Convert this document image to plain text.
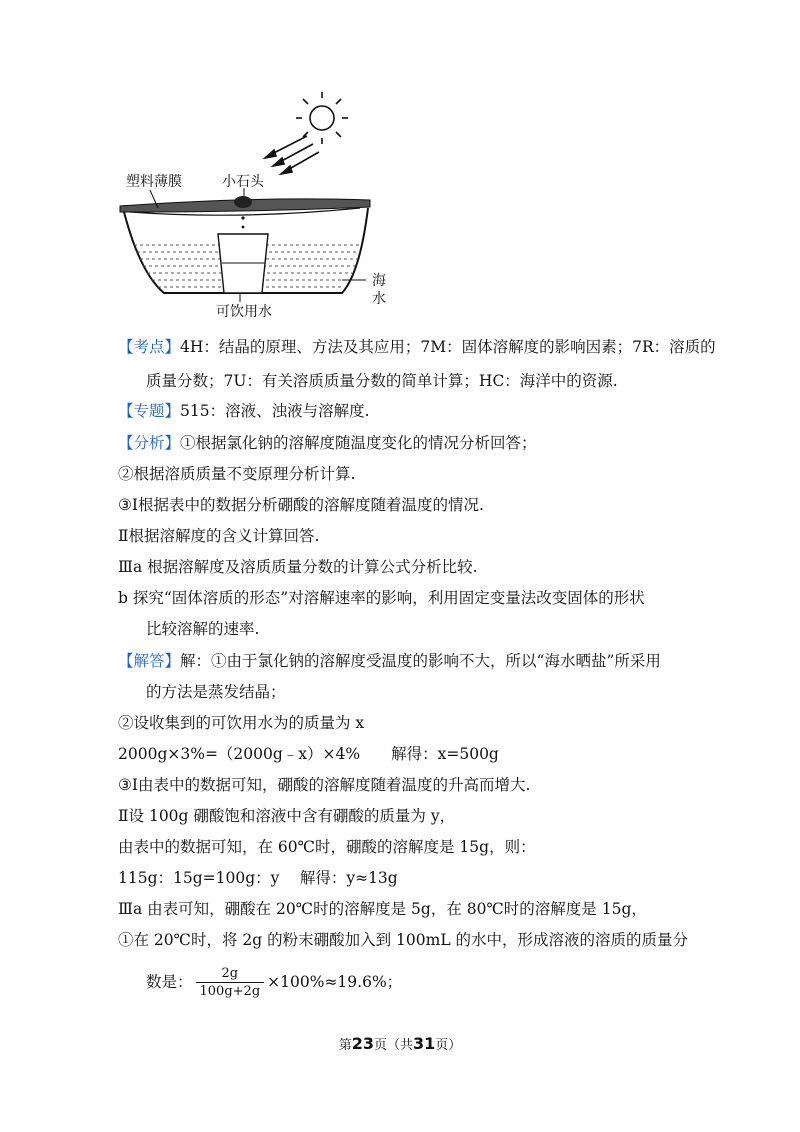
塑料薄膜	小石头
可饮用水
海
水
【考点】4H：结晶的原理、方法及其应用；7M：固体溶解度的影响因素；7R：溶质的
质量分数；7U：有关溶质质量分数的简单计算；HC：海洋中的资源.
【专题】515：溶液、浊液与溶解度.
【分析】①根据氯化钠的溶解度随温度变化的情况分析回答；
②根据溶质质量不变原理分析计算.
③Ⅰ根据表中的数据分析硼酸的溶解度随着温度的情况.
Ⅱ根据溶解度的含义计算回答.
Ⅲa 根据溶解度及溶质质量分数的计算公式分析比较.
b 探究“固体溶质的形态”对溶解速率的影响，利用固定变量法改变固体的形状
比较溶解的速率.
【解答】解：①由于氯化钠的溶解度受温度的影响不大，所以“海水晒盐”所采用
的方法是蒸发结晶；
②设收集到的可饮用水为的质量为 x
2000g×3%=（2000g﹣x）×4%　　解得：x=500g
③Ⅰ由表中的数据可知，硼酸的溶解度随着温度的升高而增大.
Ⅱ设 100g 硼酸饱和溶液中含有硼酸的质量为 y，
由表中的数据可知，在 60℃时，硼酸的溶解度是 15g，则：
115g：15g=100g：y　 解得：y≈13g
Ⅲa 由表可知，硼酸在 20℃时的溶解度是 5g，在 80℃时的溶解度是 15g，
①在 20℃时，将 2g 的粉末硼酸加入到 100mL 的水中，形成溶液的溶质的质量分
数是： $\frac{2g}{100g+2g} \times 100\%\approx 19.6\%$；
第23页（共31页）
